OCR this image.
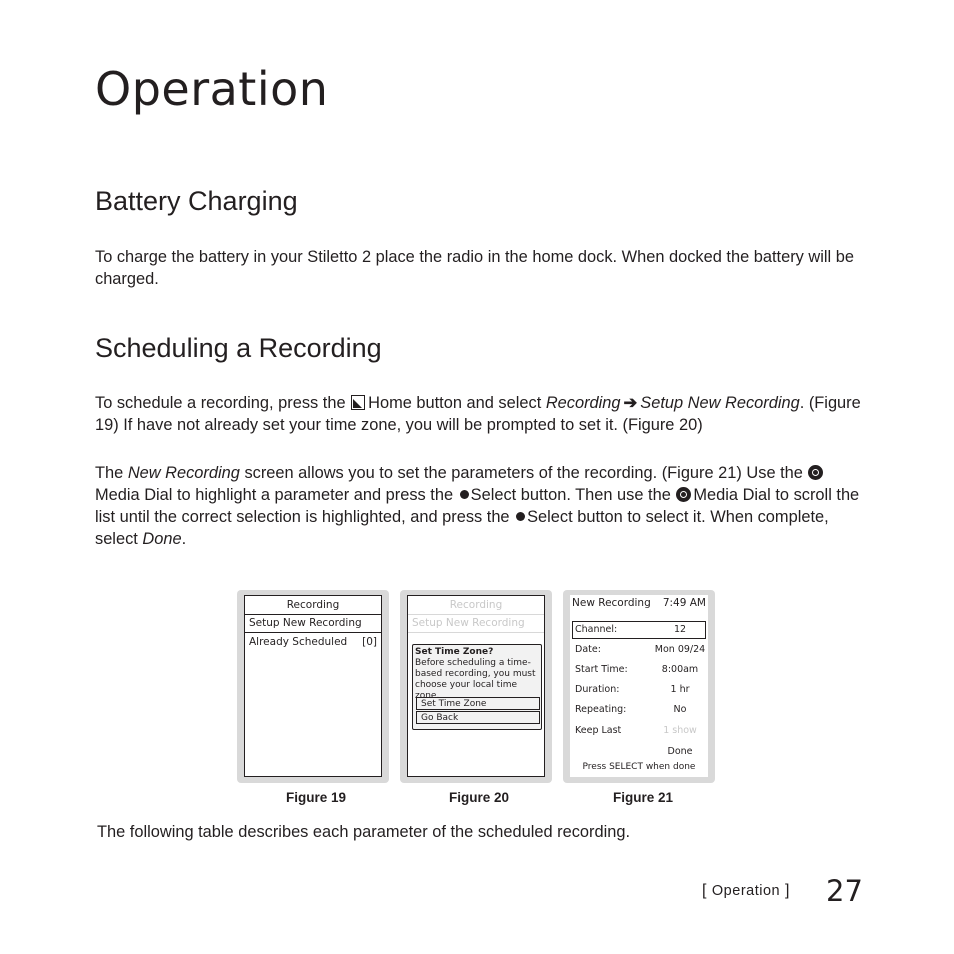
Operation
Battery Charging

To charge the battery in your Stiletto 2 place the radio in the home dock. When docked the battery will be charged.

Scheduling a Recording

To schedule a recording, press the Home button and select Recording ➔ Setup New Recording. (Figure 19) If have not already set your time zone, you will be prompted to set it. (Figure 20)

The New Recording screen allows you to set the parameters of the recording. (Figure 21) Use the Media Dial to highlight a parameter and press the Select button. Then use the Media Dial to scroll the list until the correct selection is highlighted, and press the Select button to select it. When complete, select Done.

Recording
Setup New Recording
Already Scheduled [0]
Recording
Setup New Recording
Set Time Zone?
Before scheduling a time-based recording, you must choose your local time zone.
Set Time Zone
Go Back
New Recording 7:49 AM
Channel:	12
Date:	Mon 09/24
Start Time:	8:00am
Duration:	1 hr
Repeating:	No
Keep Last	1 show
Done
Press SELECT when done
Figure 19	Figure 20	Figure 21

The following table describes each parameter of the scheduled recording.

[ Operation ] 27
